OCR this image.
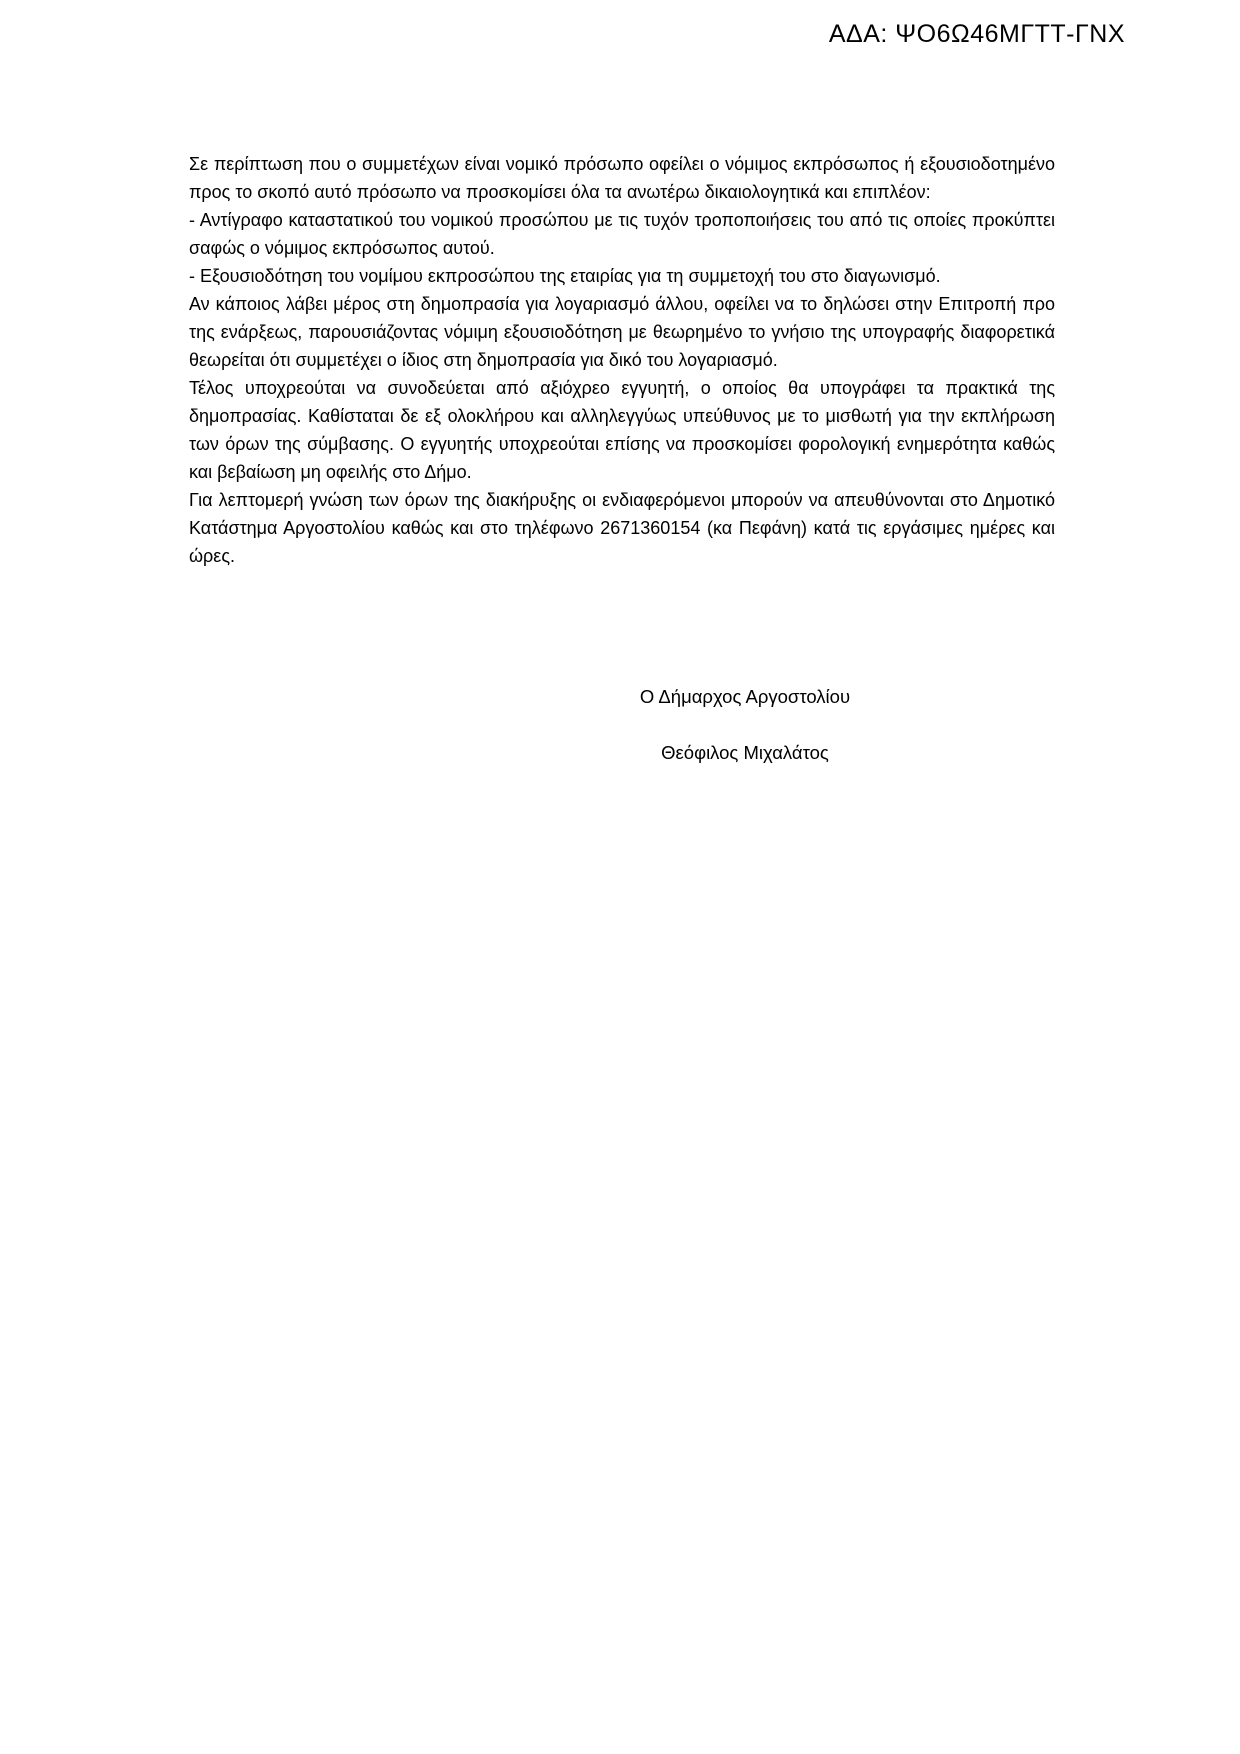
ΑΔΑ: ΨΟ6Ω46ΜΓΤΤ-ΓΝΧ

Σε περίπτωση που ο συμμετέχων είναι νομικό πρόσωπο οφείλει ο νόμιμος εκπρόσωπος ή εξουσιοδοτημένο προς το σκοπό αυτό πρόσωπο να προσκομίσει όλα τα ανωτέρω δικαιολογητικά και επιπλέον:

- Αντίγραφο καταστατικού του νομικού προσώπου με τις τυχόν τροποποιήσεις του από τις οποίες προκύπτει σαφώς ο νόμιμος εκπρόσωπος αυτού.

- Εξουσιοδότηση του νομίμου εκπροσώπου της εταιρίας για τη συμμετοχή του στο διαγωνισμό.

Αν κάποιος λάβει μέρος στη δημοπρασία για λογαριασμό άλλου, οφείλει να το δηλώσει στην Επιτροπή προ της ενάρξεως, παρουσιάζοντας νόμιμη εξουσιοδότηση με θεωρημένο το γνήσιο της υπογραφής διαφορετικά θεωρείται ότι συμμετέχει ο ίδιος στη δημοπρασία για δικό του λογαριασμό.

Τέλος υποχρεούται να συνοδεύεται από αξιόχρεο εγγυητή, ο οποίος θα υπογράφει τα πρακτικά της δημοπρασίας. Καθίσταται δε εξ ολοκλήρου και αλληλεγγύως υπεύθυνος με το μισθωτή για την εκπλήρωση των όρων της σύμβασης. Ο εγγυητής υποχρεούται επίσης να προσκομίσει φορολογική ενημερότητα καθώς και βεβαίωση μη οφειλής στο Δήμο.

Για λεπτομερή γνώση των όρων της διακήρυξης οι ενδιαφερόμενοι μπορούν να απευθύνονται στο Δημοτικό Κατάστημα Αργοστολίου καθώς και στο τηλέφωνο 2671360154 (κα Πεφάνη) κατά τις εργάσιμες ημέρες και ώρες.

Ο Δήμαρχος Αργοστολίου
Θεόφιλος Μιχαλάτος
